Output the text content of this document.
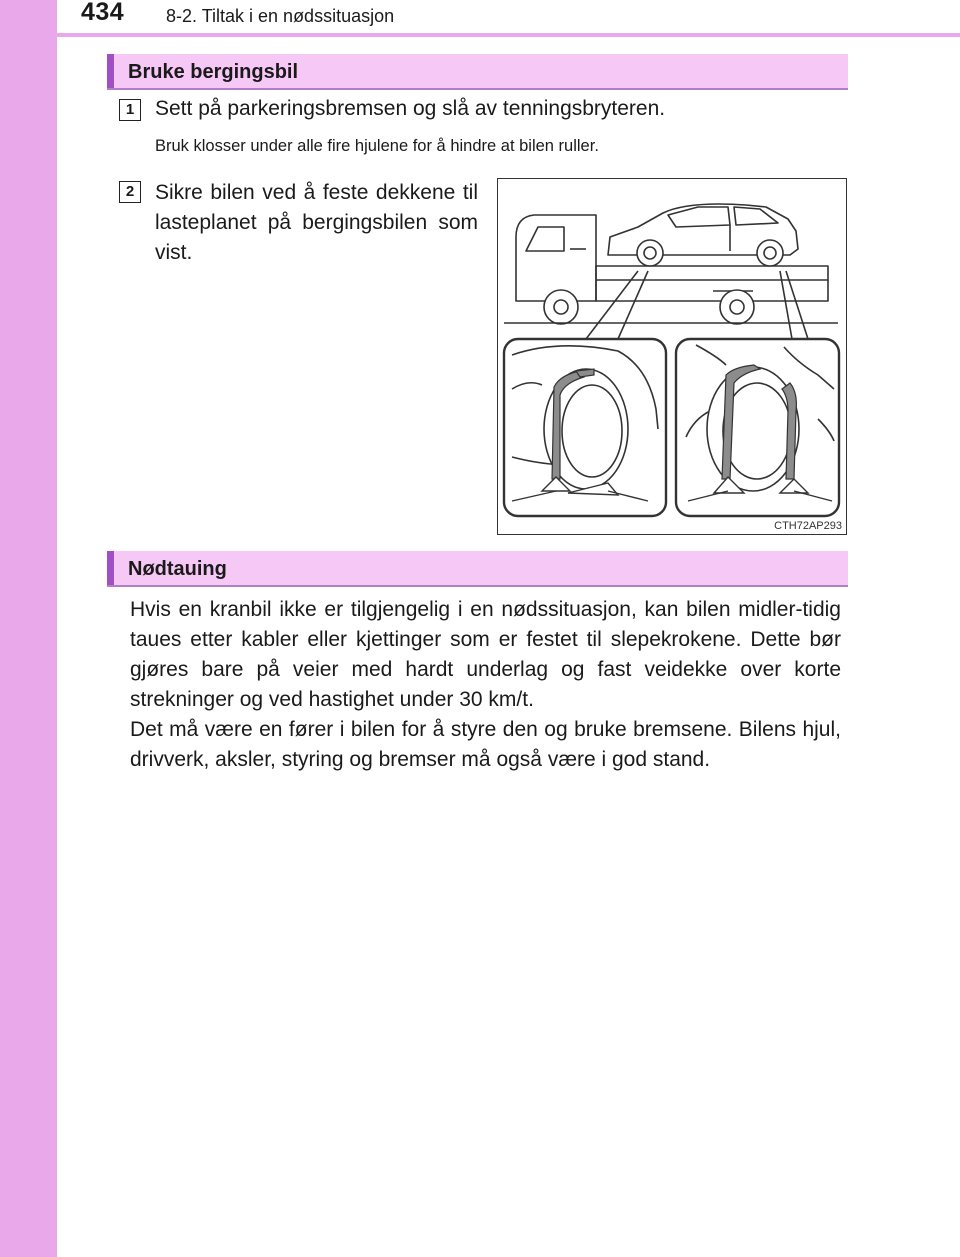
434 8-2. Tiltak i en nødssituasjon
Bruke bergingsbil
1 Sett på parkeringsbremsen og slå av tenningsbryteren.
Bruk klosser under alle fire hjulene for å hindre at bilen ruller.
2 Sikre bilen ved å feste dekkene til lasteplanet på bergingsbilen som vist.

CTH72AP293
Nødtauing

Hvis en kranbil ikke er tilgjengelig i en nødssituasjon, kan bilen midler-tidig taues etter kabler eller kjettinger som er festet til slepekrokene. Dette bør gjøres bare på veier med hardt underlag og fast veidekke over korte strekninger og ved hastighet under 30 km/t.

Det må være en fører i bilen for å styre den og bruke bremsene. Bilens hjul, drivverk, aksler, styring og bremser må også være i god stand.
